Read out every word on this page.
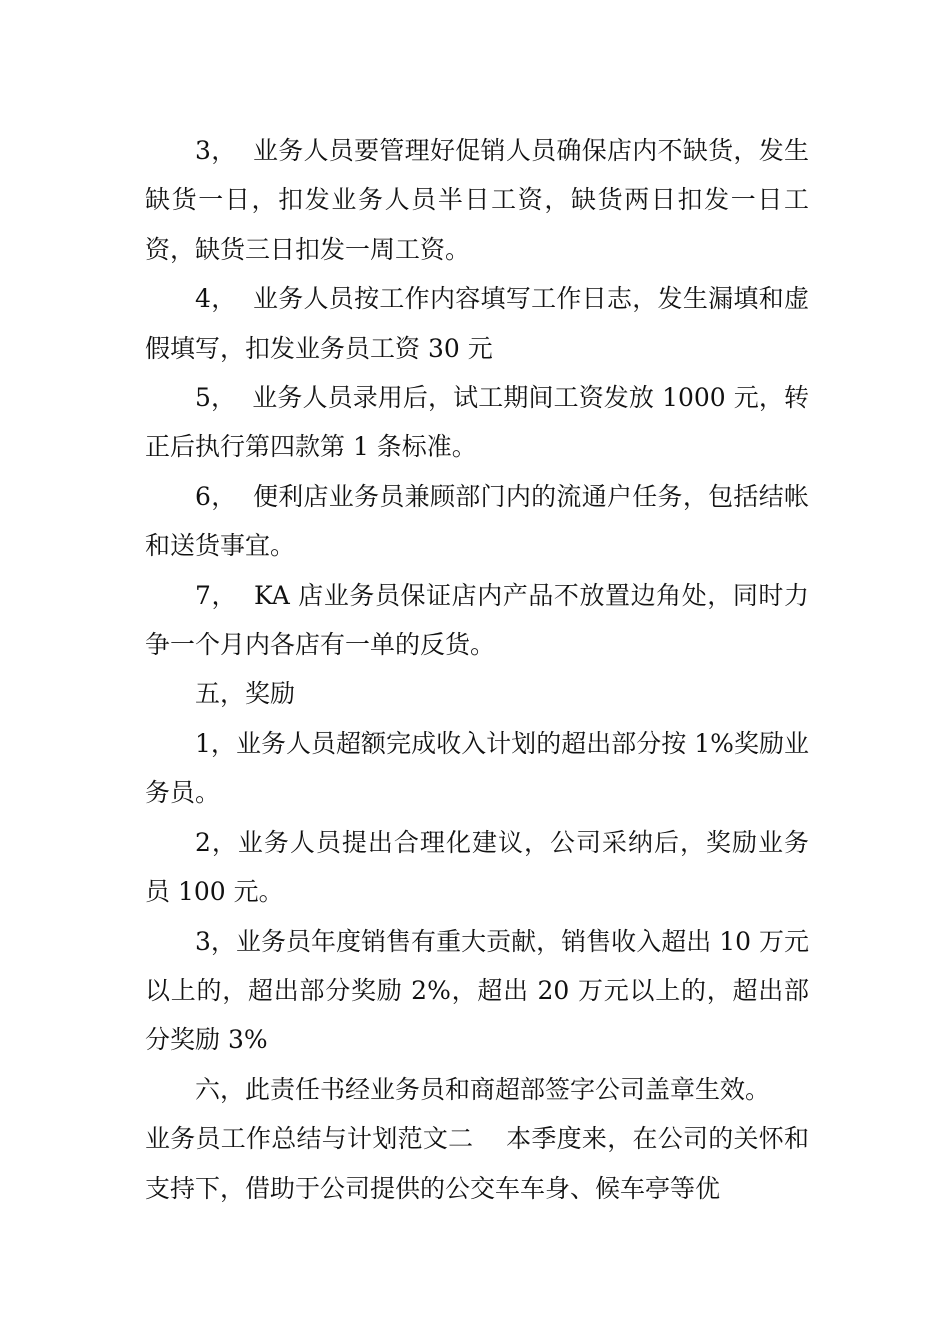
3，  业务人员要管理好促销人员确保店内不缺货，发生缺货一日，扣发业务人员半日工资，缺货两日扣发一日工资，缺货三日扣发一周工资。

4，  业务人员按工作内容填写工作日志，发生漏填和虚假填写，扣发业务员工资 30 元

5，  业务人员录用后，试工期间工资发放 1000 元，转正后执行第四款第 1 条标准。

6，  便利店业务员兼顾部门内的流通户任务，包括结帐和送货事宜。

7，  KA 店业务员保证店内产品不放置边角处，同时力争一个月内各店有一单的反货。

五，奖励

1，业务人员超额完成收入计划的超出部分按 1%奖励业务员。

2，业务人员提出合理化建议，公司采纳后，奖励业务员 100 元。

3，业务员年度销售有重大贡献，销售收入超出 10 万元以上的，超出部分奖励 2%，超出 20 万元以上的，超出部分奖励 3%

六，此责任书经业务员和商超部签字公司盖章生效。

业务员工作总结与计划范文二    本季度来，在公司的关怀和支持下，借助于公司提供的公交车车身、候车亭等优
